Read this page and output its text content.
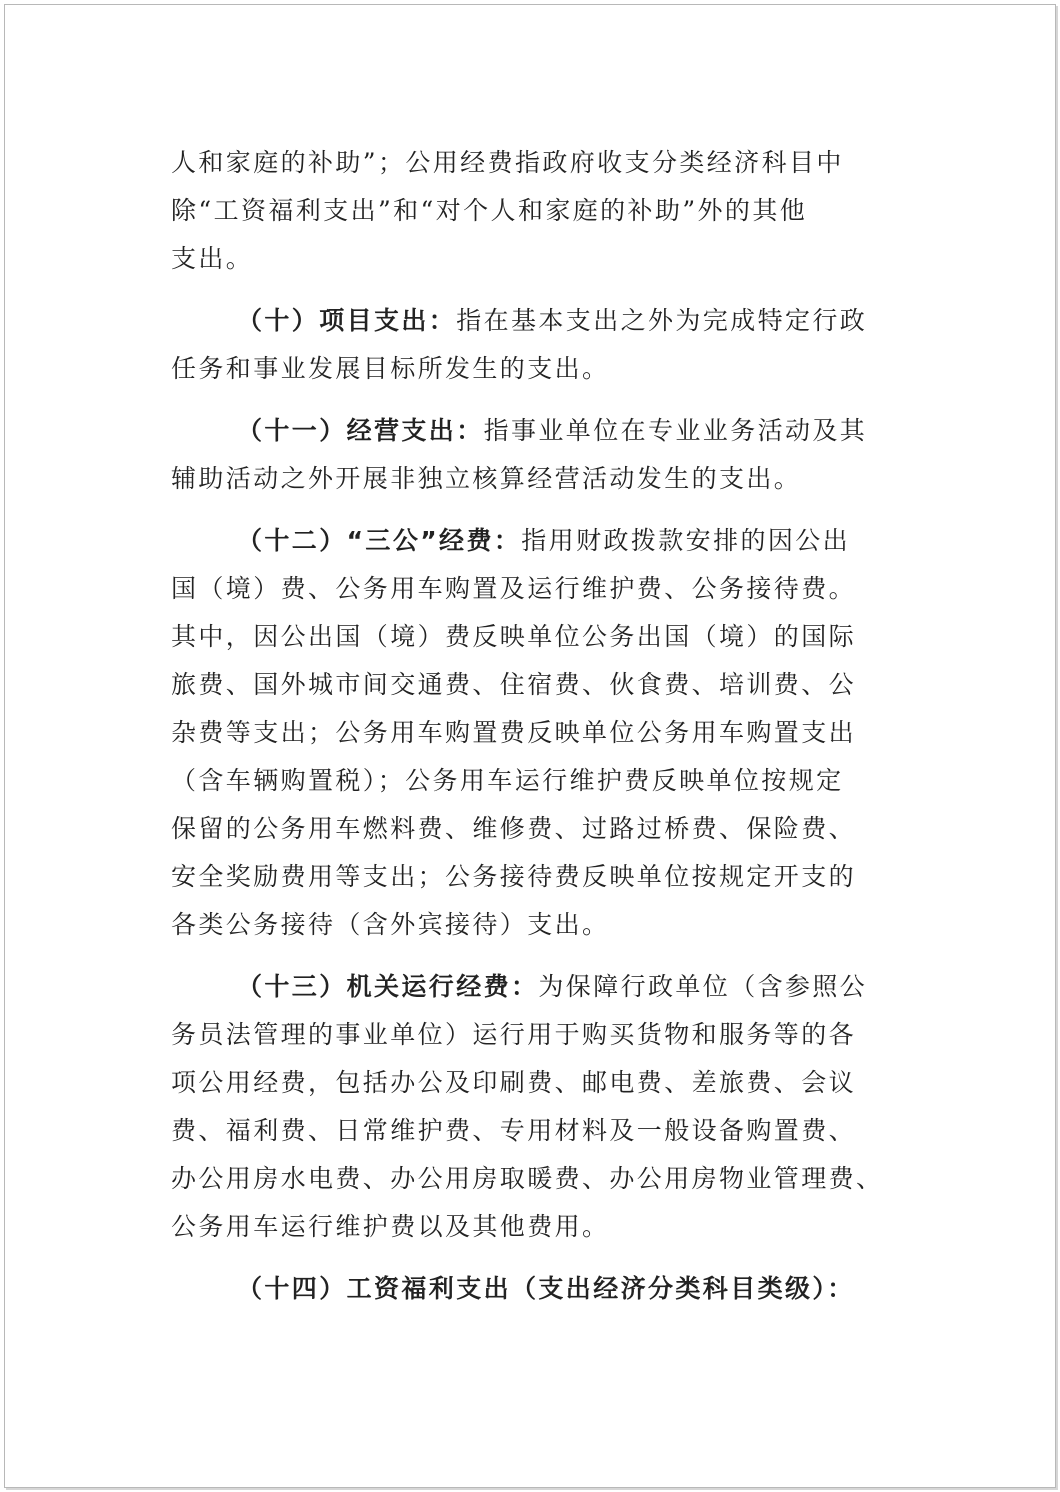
人和家庭的补助”；公用经费指政府收支分类经济科目中
除“工资福利支出”和“对个人和家庭的补助”外的其他
支出。
（十）项目支出：指在基本支出之外为完成特定行政
任务和事业发展目标所发生的支出。
（十一）经营支出：指事业单位在专业业务活动及其
辅助活动之外开展非独立核算经营活动发生的支出。
（十二）“三公”经费：指用财政拨款安排的因公出
国（境）费、公务用车购置及运行维护费、公务接待费。
其中，因公出国（境）费反映单位公务出国（境）的国际
旅费、国外城市间交通费、住宿费、伙食费、培训费、公
杂费等支出；公务用车购置费反映单位公务用车购置支出
（含车辆购置税）；公务用车运行维护费反映单位按规定
保留的公务用车燃料费、维修费、过路过桥费、保险费、
安全奖励费用等支出；公务接待费反映单位按规定开支的
各类公务接待（含外宾接待）支出。
（十三）机关运行经费：为保障行政单位（含参照公
务员法管理的事业单位）运行用于购买货物和服务等的各
项公用经费，包括办公及印刷费、邮电费、差旅费、会议
费、福利费、日常维护费、专用材料及一般设备购置费、
办公用房水电费、办公用房取暖费、办公用房物业管理费、
公务用车运行维护费以及其他费用。
（十四）工资福利支出（支出经济分类科目类级）：
